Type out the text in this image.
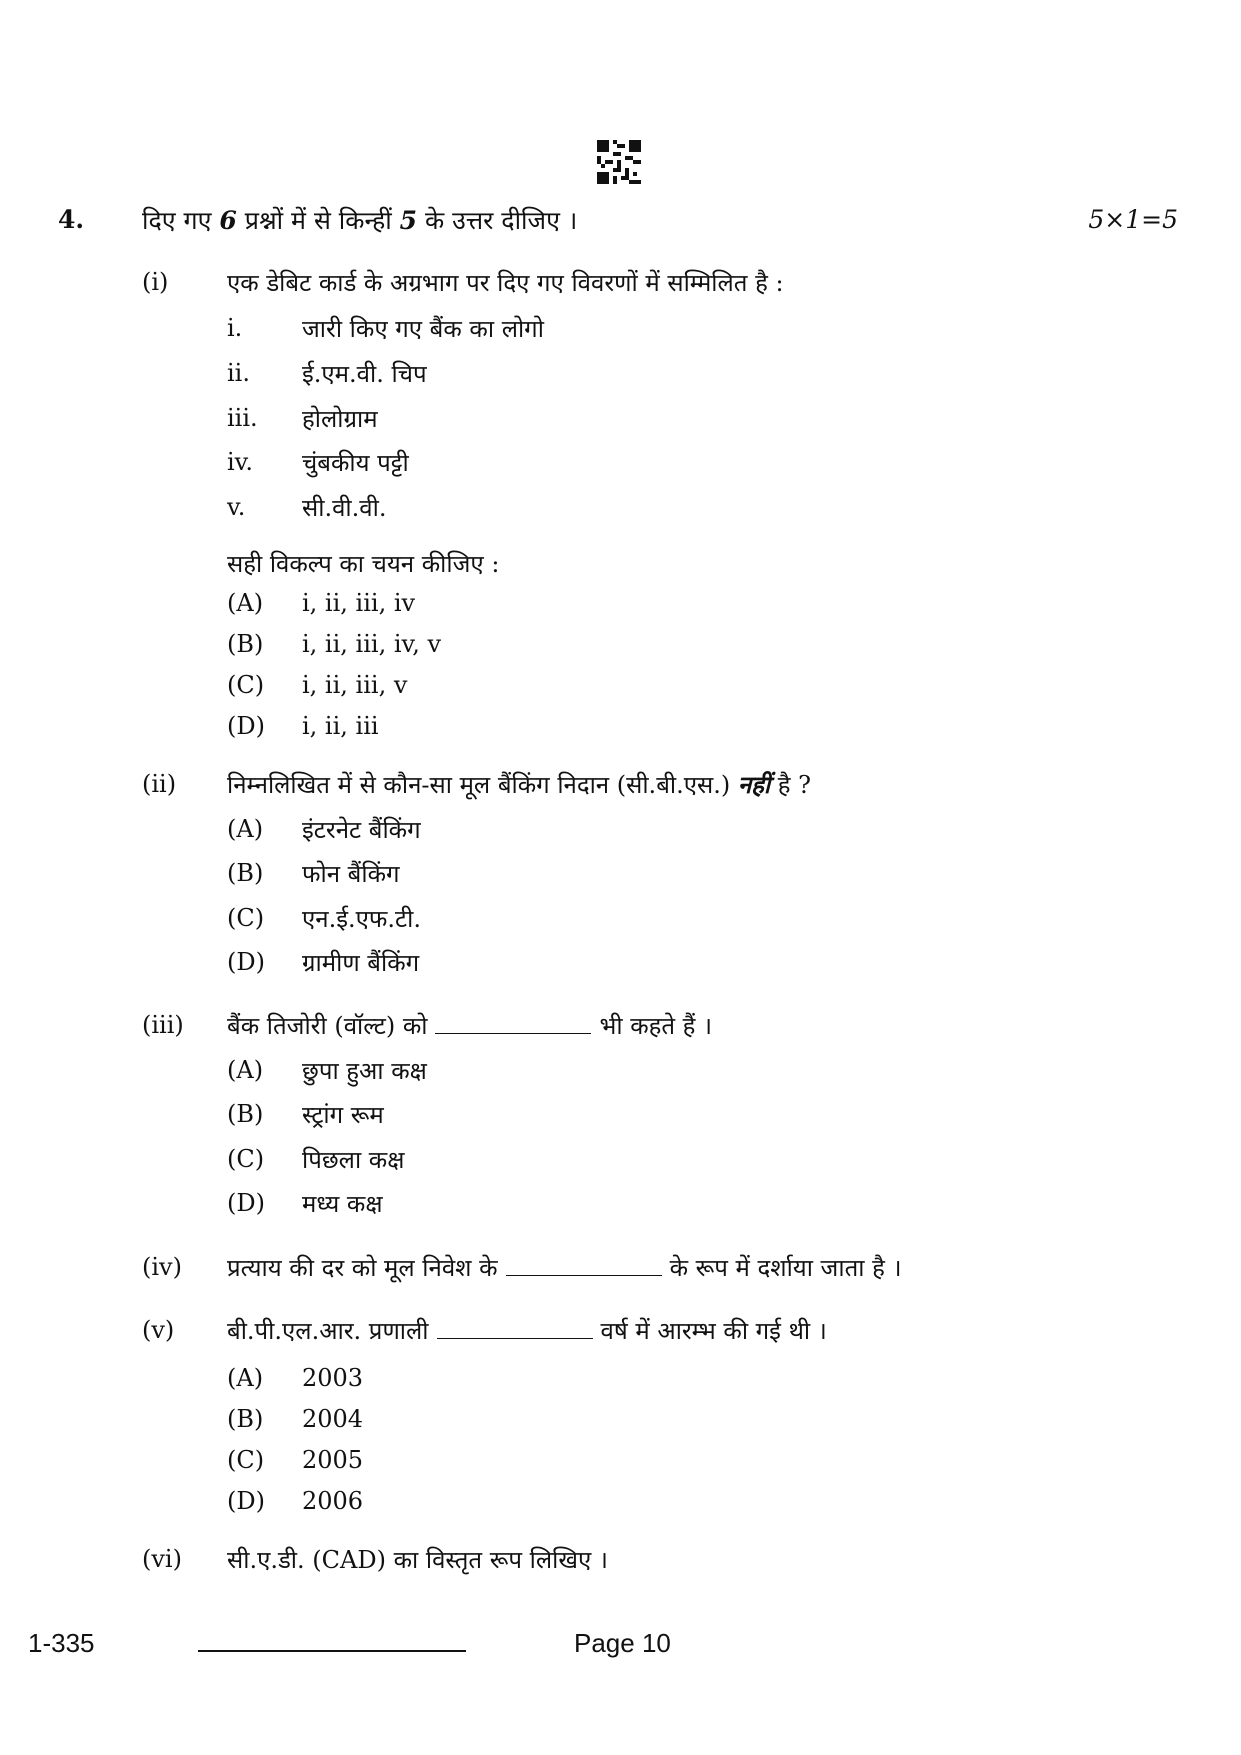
4. दिए गए 6 प्रश्नों में से किन्हीं 5 के उत्तर दीजिए ।	5×1=5
(i) एक डेबिट कार्ड के अग्रभाग पर दिए गए विवरणों में सम्मिलित है :
i. जारी किए गए बैंक का लोगो
ii. ई.एम.वी. चिप
iii. होलोग्राम
iv. चुंबकीय पट्टी
v. सी.वी.वी.
सही विकल्प का चयन कीजिए :
(A) i, ii, iii, iv
(B) i, ii, iii, iv, v
(C) i, ii, iii, v
(D) i, ii, iii
(ii) निम्नलिखित में से कौन-सा मूल बैंकिंग निदान (सी.बी.एस.) नहीं है ?
(A) इंटरनेट बैंकिंग
(B) फोन बैंकिंग
(C) एन.ई.एफ.टी.
(D) ग्रामीण बैंकिंग
(iii) बैंक तिजोरी (वॉल्ट) को	भी कहते हैं ।
(A) छुपा हुआ कक्ष
(B) स्ट्रांग रूम
(C) पिछला कक्ष
(D) मध्य कक्ष
(iv) प्रत्याय की दर को मूल निवेश के	के रूप में दर्शाया जाता है ।
(v) बी.पी.एल.आर. प्रणाली	वर्ष में आरम्भ की गई थी ।
(A) 2003
(B) 2004
(C) 2005
(D) 2006
(vi) सी.ए.डी. (CAD) का विस्तृत रूप लिखिए ।
1-335	Page 10
